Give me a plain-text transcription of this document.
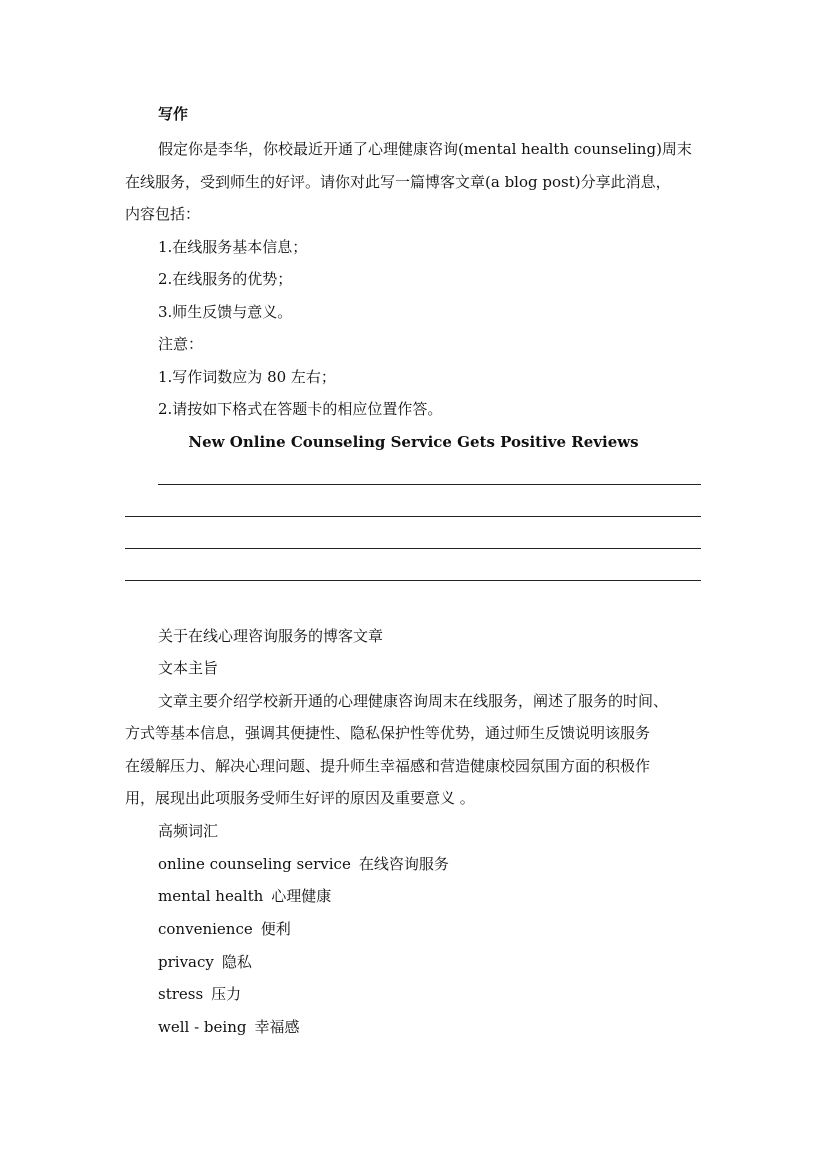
写作
假定你是李华，你校最近开通了心理健康咨询(mental health counseling)周末
在线服务，受到师生的好评。请你对此写一篇博客文章(a blog post)分享此消息，
内容包括：
1.在线服务基本信息；
2.在线服务的优势；
3.师生反馈与意义。
注意：
1.写作词数应为 80 左右；
2.请按如下格式在答题卡的相应位置作答。
New Online Counseling Service Gets Positive Reviews
关于在线心理咨询服务的博客文章
文本主旨
文章主要介绍学校新开通的心理健康咨询周末在线服务，阐述了服务的时间、
方式等基本信息，强调其便捷性、隐私保护性等优势，通过师生反馈说明该服务
在缓解压力、解决心理问题、提升师生幸福感和营造健康校园氛围方面的积极作
用，展现出此项服务受师生好评的原因及重要意义 。
高频词汇
online counseling service 在线咨询服务
mental health 心理健康
convenience 便利
privacy 隐私
stress 压力
well - being 幸福感
